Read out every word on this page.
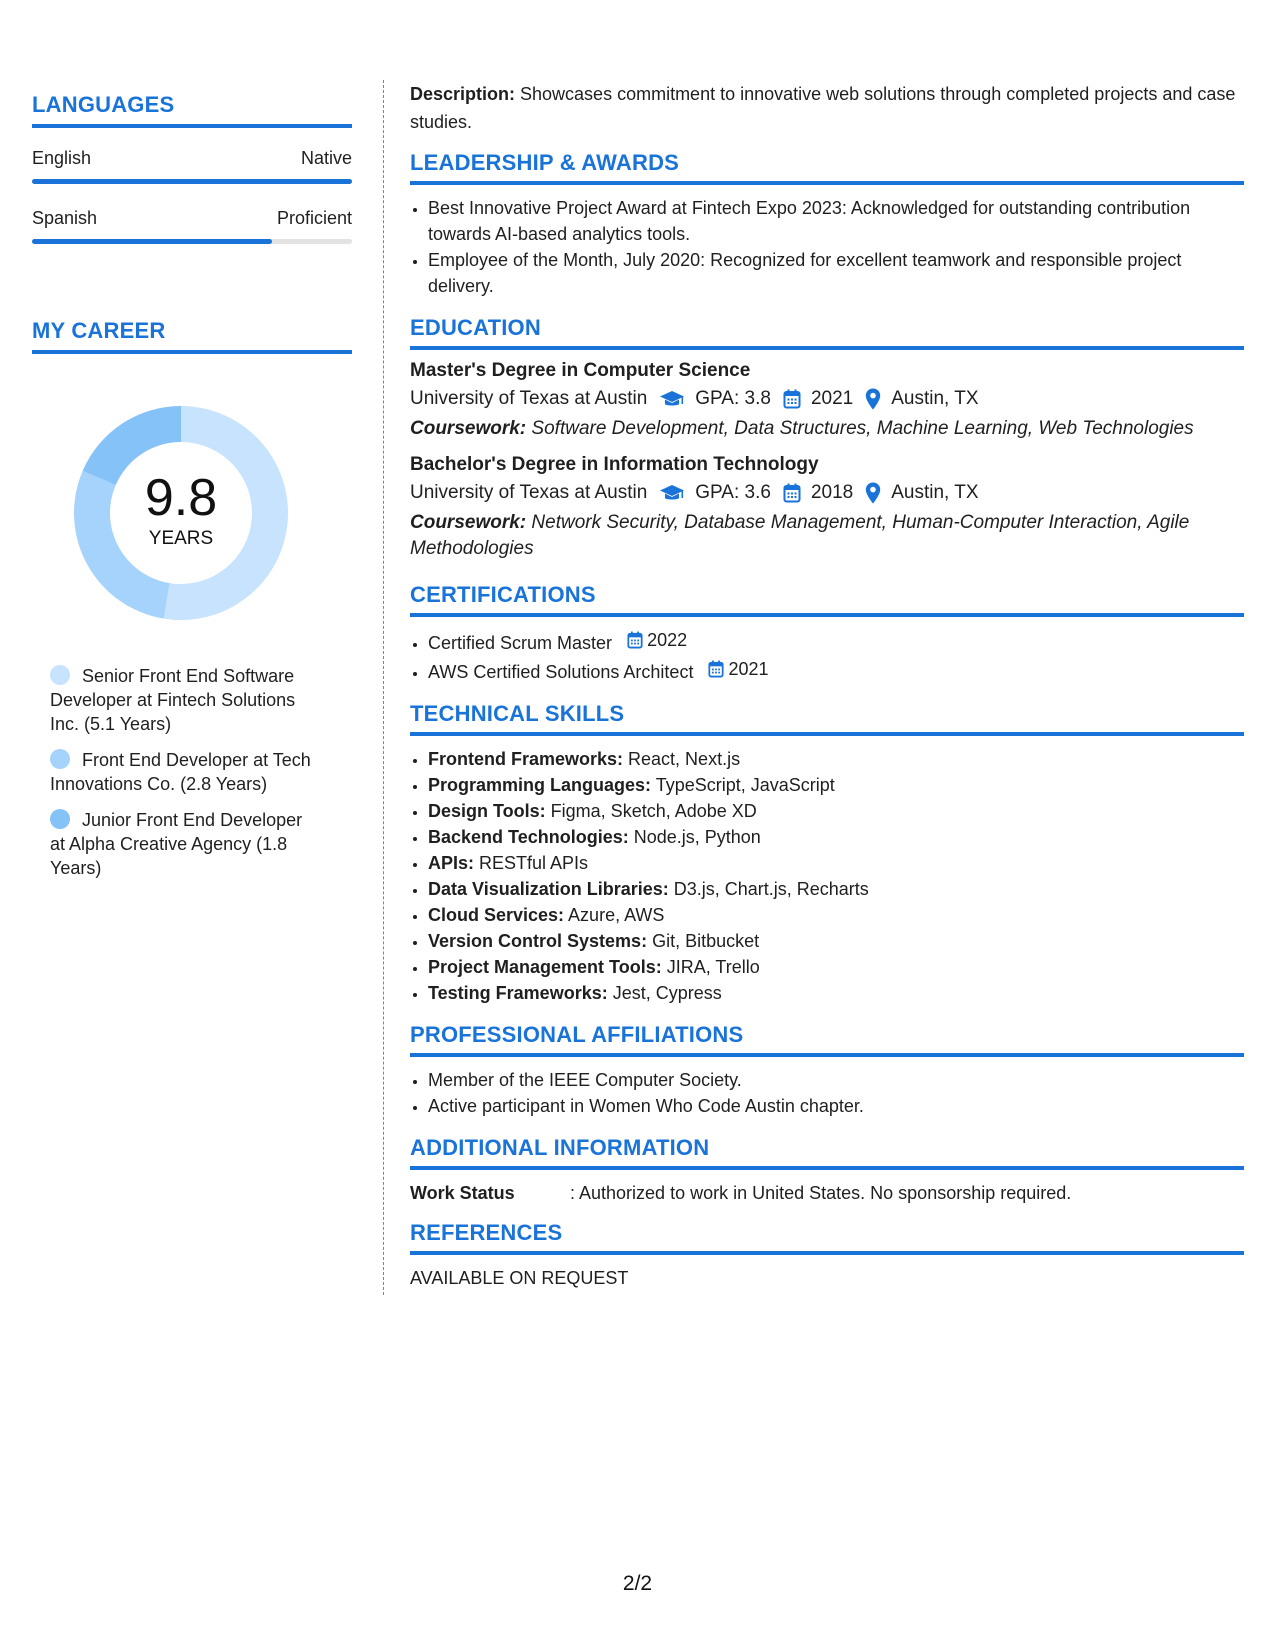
LANGUAGES
English	Native
Spanish	Proficient
MY CAREER
9.8
YEARS
Senior Front End Software Developer at Fintech Solutions Inc. (5.1 Years)
Front End Developer at Tech Innovations Co. (2.8 Years)
Junior Front End Developer at Alpha Creative Agency (1.8 Years)

Description: Showcases commitment to innovative web solutions through completed projects and case studies.

LEADERSHIP & AWARDS
• Best Innovative Project Award at Fintech Expo 2023: Acknowledged for outstanding contribution towards AI-based analytics tools.
• Employee of the Month, July 2020: Recognized for excellent teamwork and responsible project delivery.
EDUCATION
Master's Degree in Computer Science
University of Texas at Austin	GPA: 3.8 2021 Austin, TX
Coursework: Software Development, Data Structures, Machine Learning, Web Technologies
Bachelor's Degree in Information Technology
University of Texas at Austin	GPA: 3.6 2018 Austin, TX
Coursework: Network Security, Database Management, Human-Computer Interaction, Agile Methodologies
CERTIFICATIONS
• Certified Scrum Master 2022
• AWS Certified Solutions Architect 2021
TECHNICAL SKILLS
• Frontend Frameworks: React, Next.js
• Programming Languages: TypeScript, JavaScript
• Design Tools: Figma, Sketch, Adobe XD
• Backend Technologies: Node.js, Python
• APIs: RESTful APIs
• Data Visualization Libraries: D3.js, Chart.js, Recharts
• Cloud Services: Azure, AWS
• Version Control Systems: Git, Bitbucket
• Project Management Tools: JIRA, Trello
• Testing Frameworks: Jest, Cypress
PROFESSIONAL AFFILIATIONS
• Member of the IEEE Computer Society.
• Active participant in Women Who Code Austin chapter.
ADDITIONAL INFORMATION
Work Status	: Authorized to work in United States. No sponsorship required.
REFERENCES
AVAILABLE ON REQUEST
2/2
